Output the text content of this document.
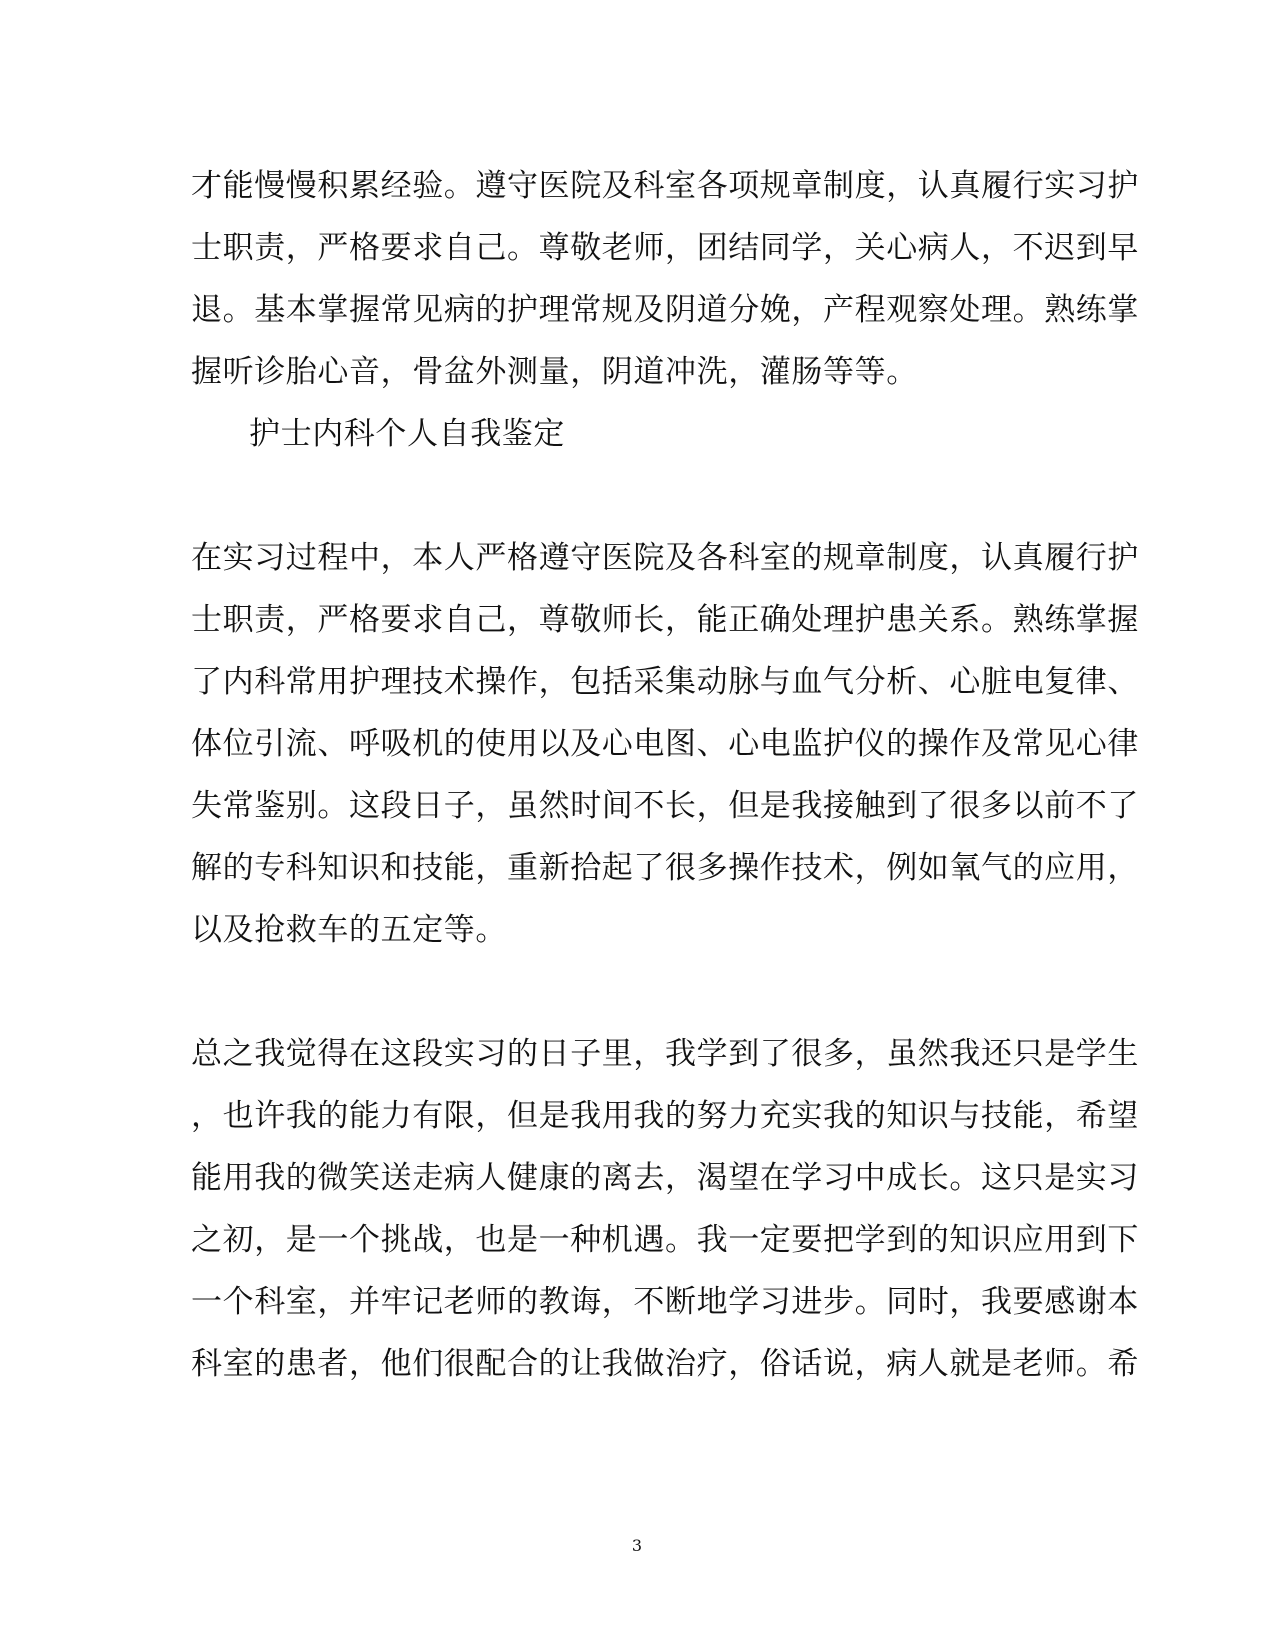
才能慢慢积累经验。遵守医院及科室各项规章制度，认真履行实习护
士职责，严格要求自己。尊敬老师，团结同学，关心病人，不迟到早
退。基本掌握常见病的护理常规及阴道分娩，产程观察处理。熟练掌
握听诊胎心音，骨盆外测量，阴道冲洗，灌肠等等。
护士内科个人自我鉴定
在实习过程中，本人严格遵守医院及各科室的规章制度，认真履行护
士职责，严格要求自己，尊敬师长，能正确处理护患关系。熟练掌握
了内科常用护理技术操作，包括采集动脉与血气分析、心脏电复律、
体位引流、呼吸机的使用以及心电图、心电监护仪的操作及常见心律
失常鉴别。这段日子，虽然时间不长，但是我接触到了很多以前不了
解的专科知识和技能，重新拾起了很多操作技术，例如氧气的应用，
以及抢救车的五定等。
总之我觉得在这段实习的日子里，我学到了很多，虽然我还只是学生
，也许我的能力有限，但是我用我的努力充实我的知识与技能，希望
能用我的微笑送走病人健康的离去，渴望在学习中成长。这只是实习
之初，是一个挑战，也是一种机遇。我一定要把学到的知识应用到下
一个科室，并牢记老师的教诲，不断地学习进步。同时，我要感谢本
科室的患者，他们很配合的让我做治疗，俗话说，病人就是老师。希
3
